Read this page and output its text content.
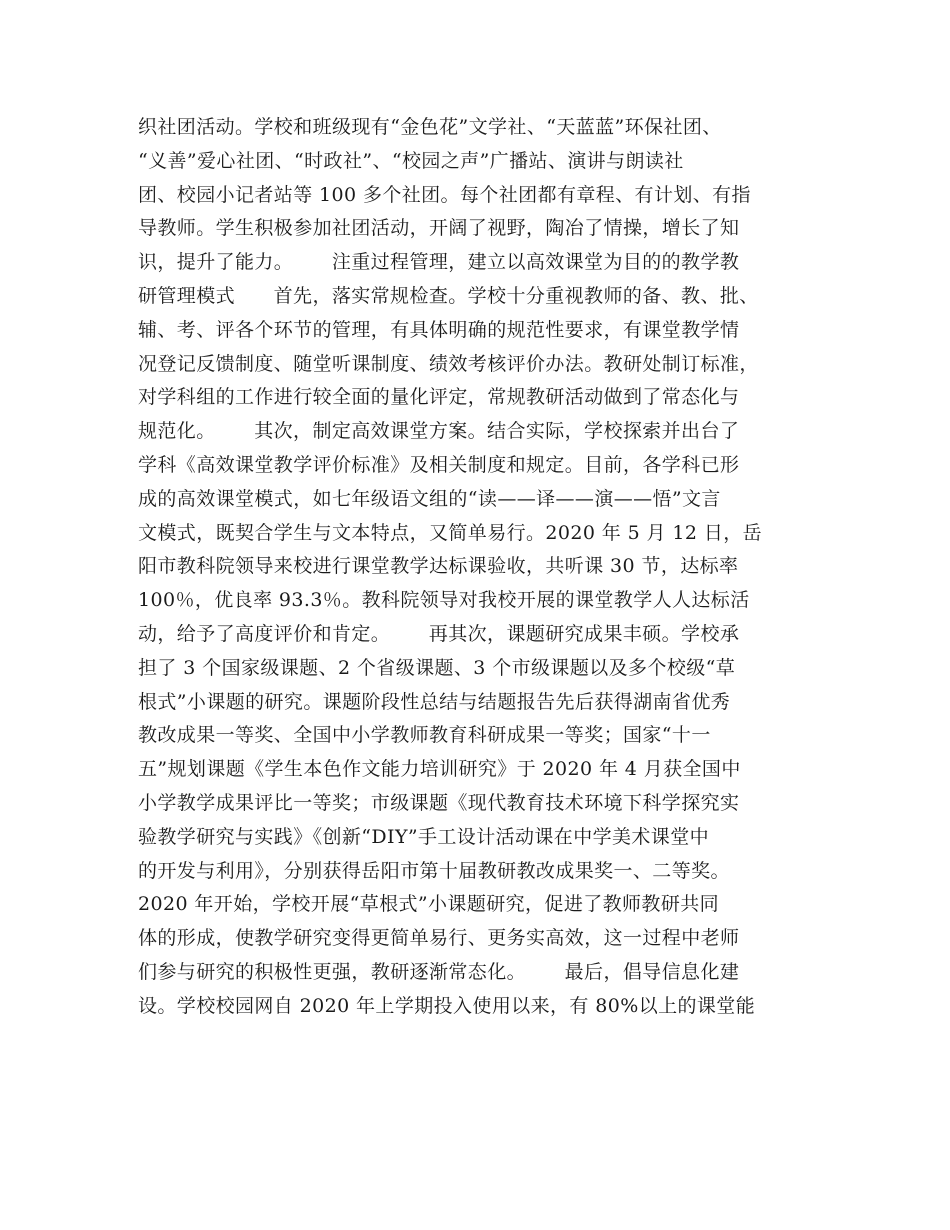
织社团活动。学校和班级现有“金色花”文学社、“天蓝蓝”环保社团、
“义善”爱心社团、“时政社”、“校园之声”广播站、演讲与朗读社
团、校园小记者站等 100 多个社团。每个社团都有章程、有计划、有指
导教师。学生积极参加社团活动，开阔了视野，陶冶了情操，增长了知
识，提升了能力。      注重过程管理，建立以高效课堂为目的的教学教
研管理模式      首先，落实常规检查。学校十分重视教师的备、教、批、
辅、考、评各个环节的管理，有具体明确的规范性要求，有课堂教学情
况登记反馈制度、随堂听课制度、绩效考核评价办法。教研处制订标准，
对学科组的工作进行较全面的量化评定，常规教研活动做到了常态化与
规范化。      其次，制定高效课堂方案。结合实际，学校探索并出台了
学科《高效课堂教学评价标准》及相关制度和规定。目前，各学科已形
成的高效课堂模式，如七年级语文组的“读——译——演——悟”文言
文模式，既契合学生与文本特点，又简单易行。2020 年 5 月 12 日，岳
阳市教科院领导来校进行课堂教学达标课验收，共听课 30 节，达标率
100％，优良率 93.3％。教科院领导对我校开展的课堂教学人人达标活
动，给予了高度评价和肯定。      再其次，课题研究成果丰硕。学校承
担了 3 个国家级课题、2 个省级课题、3 个市级课题以及多个校级“草
根式”小课题的研究。课题阶段性总结与结题报告先后获得湖南省优秀
教改成果一等奖、全国中小学教师教育科研成果一等奖；国家“十一
五”规划课题《学生本色作文能力培训研究》于 2020 年 4 月获全国中
小学教学成果评比一等奖；市级课题《现代教育技术环境下科学探究实
验教学研究与实践》《创新“DIY”手工设计活动课在中学美术课堂中
的开发与利用》，分别获得岳阳市第十届教研教改成果奖一、二等奖。
2020 年开始，学校开展“草根式”小课题研究，促进了教师教研共同
体的形成，使教学研究变得更简单易行、更务实高效，这一过程中老师
们参与研究的积极性更强，教研逐渐常态化。      最后，倡导信息化建
设。学校校园网自 2020 年上学期投入使用以来，有 80%以上的课堂能
